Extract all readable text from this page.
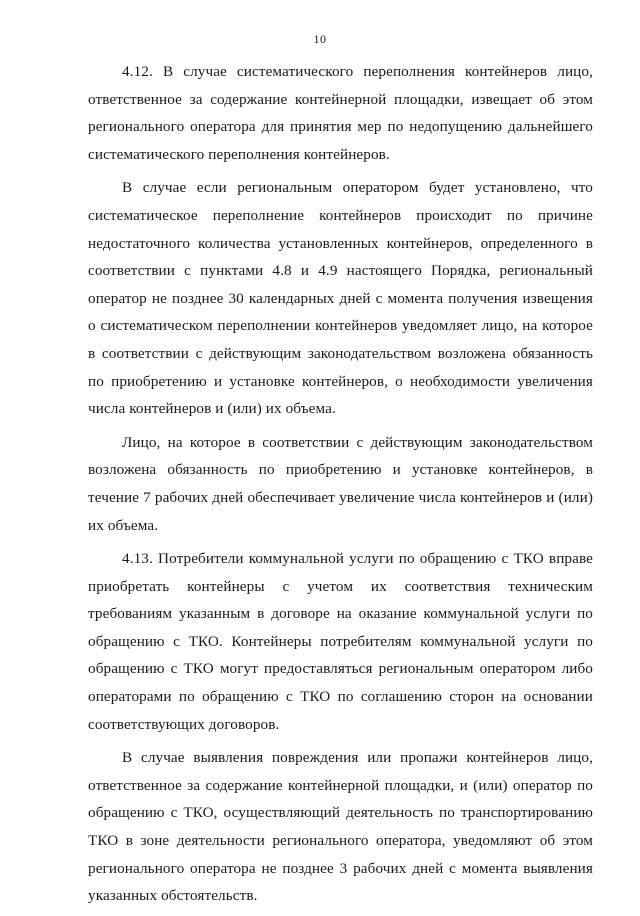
10

4.12. В случае систематического переполнения контейнеров лицо, ответственное за содержание контейнерной площадки, извещает об этом регионального оператора для принятия мер по недопущению дальнейшего систематического переполнения контейнеров.

В случае если региональным оператором будет установлено, что систематическое переполнение контейнеров происходит по причине недостаточного количества установленных контейнеров, определенного в соответствии с пунктами 4.8 и 4.9 настоящего Порядка, региональный оператор не позднее 30 календарных дней с момента получения извещения о систематическом переполнении контейнеров уведомляет лицо, на которое в соответствии с действующим законодательством возложена обязанность по приобретению и установке контейнеров, о необходимости увеличения числа контейнеров и (или) их объема.

Лицо, на которое в соответствии с действующим законодательством возложена обязанность по приобретению и установке контейнеров, в течение 7 рабочих дней обеспечивает увеличение числа контейнеров и (или) их объема.

4.13. Потребители коммунальной услуги по обращению с ТКО вправе приобретать контейнеры с учетом их соответствия техническим требованиям указанным в договоре на оказание коммунальной услуги по обращению с ТКО. Контейнеры потребителям коммунальной услуги по обращению с ТКО могут предоставляться региональным оператором либо операторами по обращению с ТКО по соглашению сторон на основании соответствующих договоров.

В случае выявления повреждения или пропажи контейнеров лицо, ответственное за содержание контейнерной площадки, и (или) оператор по обращению с ТКО, осуществляющий деятельность по транспортированию ТКО в зоне деятельности регионального оператора, уведомляют об этом регионального оператора не позднее 3 рабочих дней с момента выявления указанных обстоятельств.
